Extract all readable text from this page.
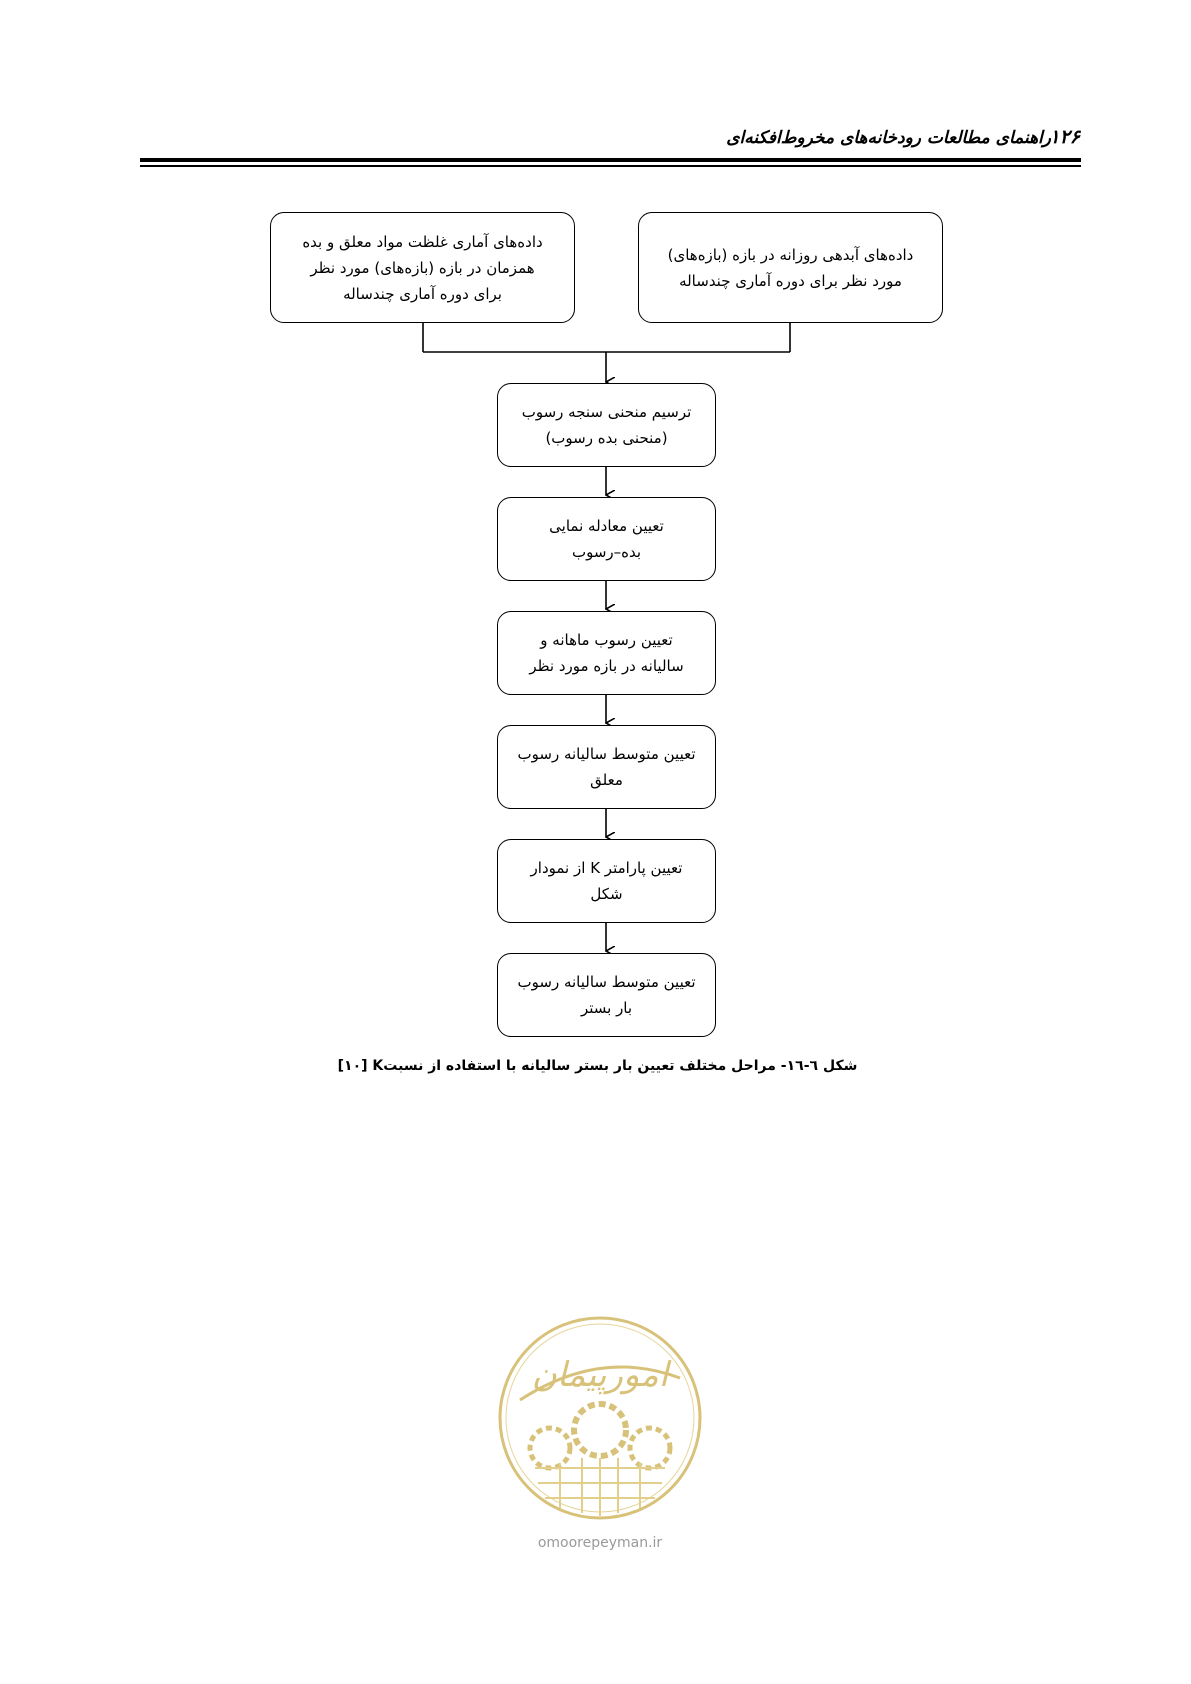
راهنمای مطالعات رودخانه‌های مخروط‌افکنه‌ای
۱۲۶
داده‌های آماری غلظت مواد معلق و بده
همزمان در بازه (بازه‌های) مورد نظر
برای دوره آماری چندساله
داده‌های آبدهی روزانه در بازه (بازه‌های)
مورد نظر برای دوره آماری چندساله
ترسیم منحنی سنجه رسوب
(منحنی بده رسوب)
تعیین معادله نمایی
بده–رسوب
تعیین رسوب ماهانه و
سالیانه در بازه مورد نظر
تعیین متوسط سالیانه رسوب
معلق
تعیین پارامتر K از نمودار
شکل
تعیین متوسط سالیانه رسوب
بار بستر
شکل ٦-١٦- مراحل مختلف تعیین بار بستر سالیانه با استفاده از نسبتK [١٠]
امورپیمان
omoorepeyman.ir
